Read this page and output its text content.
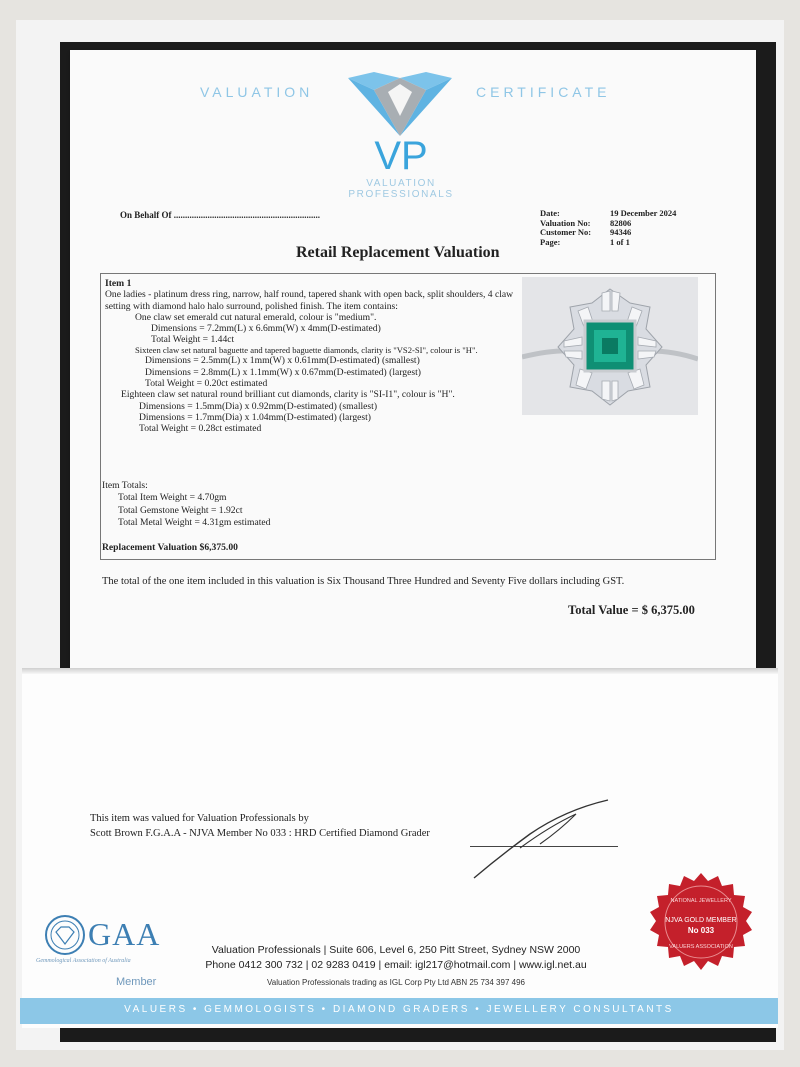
VALUATION	CERTIFICATE
VP
VALUATION
PROFESSIONALS
On Behalf Of .................................................................	Date:	19 December 2024
Valuation No:	82806
Customer No:	94346
Page:	1 of 1
Retail Replacement Valuation
Item 1
One ladies - platinum dress ring, narrow, half round, tapered shank with open back, split shoulders, 4 claw setting with diamond halo halo surround, polished finish. The item contains:
One claw set emerald cut natural emerald, colour is "medium".
Dimensions = 7.2mm(L) x 6.6mm(W) x 4mm(D-estimated)
Total Weight = 1.44ct
Sixteen claw set natural baguette and tapered baguette diamonds, clarity is "VS2-SI", colour is "H".
Dimensions = 2.5mm(L) x 1mm(W) x 0.61mm(D-estimated) (smallest)
Dimensions = 2.8mm(L) x 1.1mm(W) x 0.67mm(D-estimated) (largest)
Total Weight = 0.20ct estimated
Eighteen claw set natural round brilliant cut diamonds, clarity is "SI-I1", colour is "H".
Dimensions = 1.5mm(Dia) x 0.92mm(D-estimated) (smallest)
Dimensions = 1.7mm(Dia) x 1.04mm(D-estimated) (largest)
Total Weight = 0.28ct estimated
Item Totals:
Total Item Weight = 4.70gm
Total Gemstone Weight = 1.92ct
Total Metal Weight = 4.31gm estimated
Replacement Valuation $6,375.00
The total of the one item included in this valuation is Six Thousand Three Hundred and Seventy Five dollars including GST.
Total Value = $ 6,375.00
This item was valued for Valuation Professionals by
Scott Brown F.G.A.A - NJVA Member No 033 : HRD Certified Diamond Grader
GAA
Gemmological Association of Australia
Member
Valuation Professionals | Suite 606, Level 6, 250 Pitt Street, Sydney NSW 2000
Phone 0412 300 732 | 02 9283 0419 | email: igl217@hotmail.com | www.igl.net.au
Valuation Professionals trading as IGL Corp Pty Ltd ABN 25 734 397 496
NATIONAL JEWELLERY
NJVA GOLD MEMBER
No 033
VALUERS ASSOCIATION
VALUERS • GEMMOLOGISTS • DIAMOND GRADERS • JEWELLERY CONSULTANTS
